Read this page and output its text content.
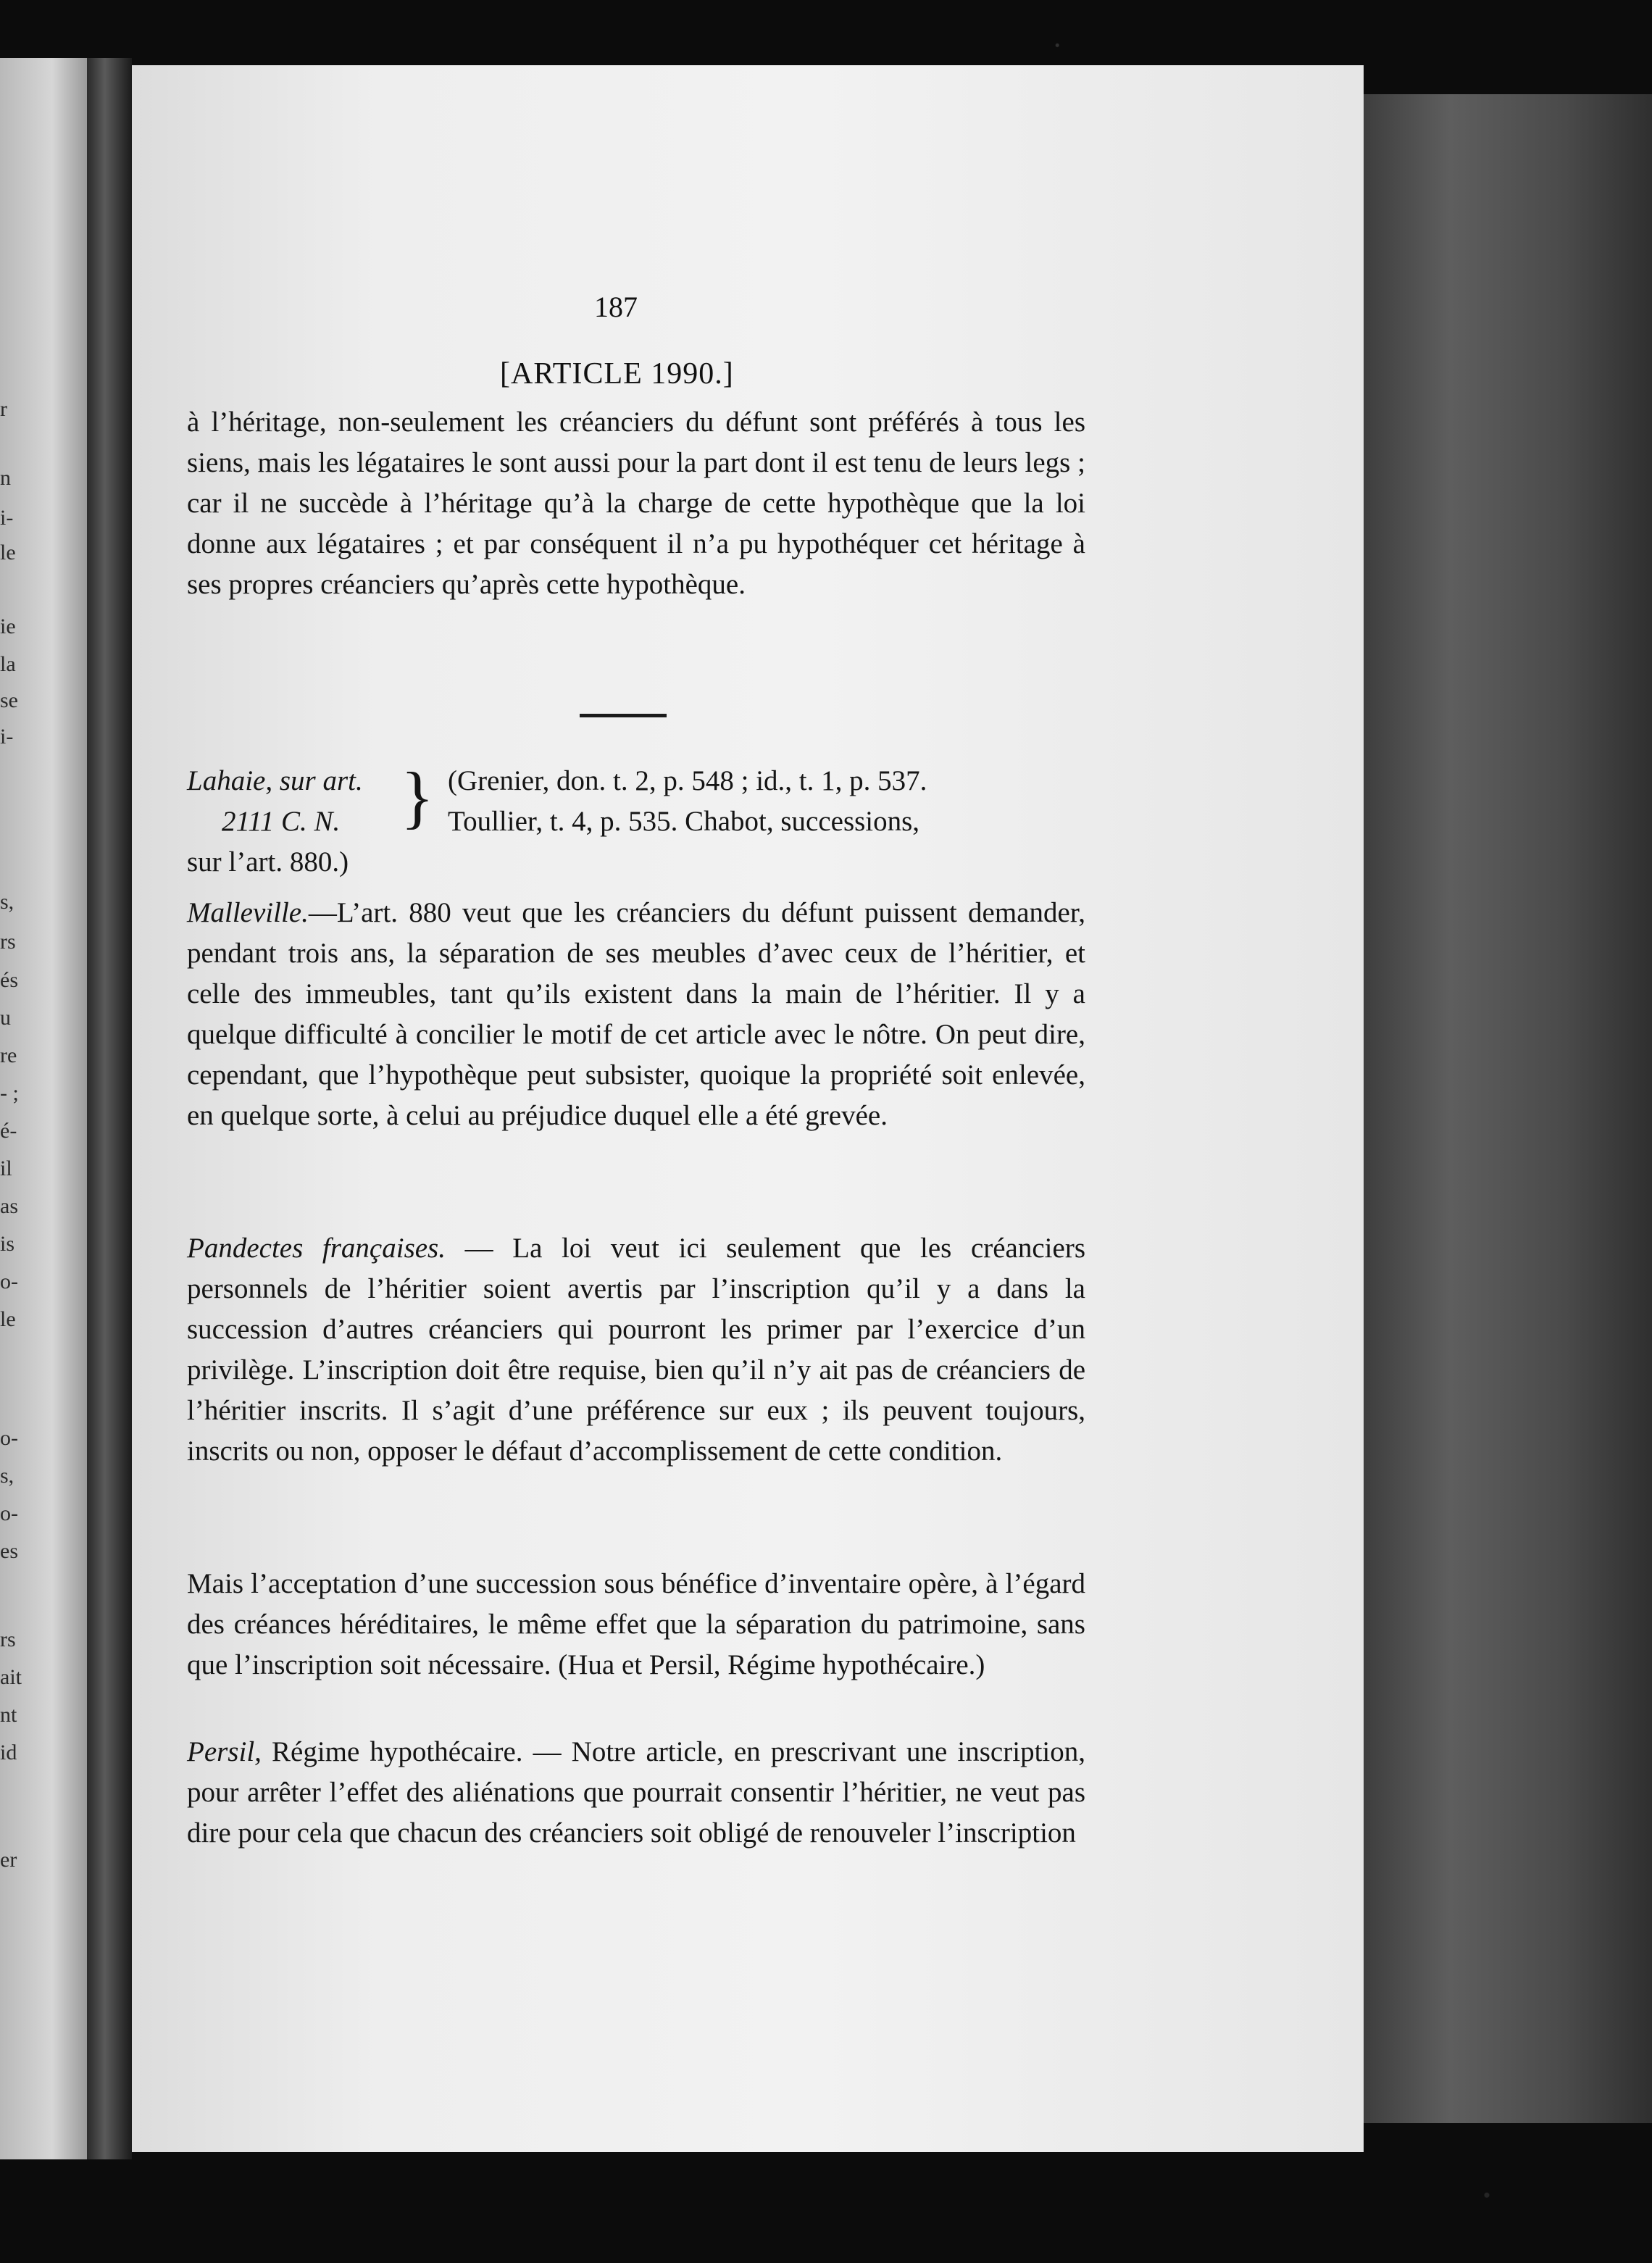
r
n
i-
le
ie
la
se
i-
s,
rs
és
u
re
- ;
é-
il
as
is
o-
le
o-
s,
o-
es
rs
ait
nt
id
er
187
[ARTICLE 1990.]

à l’héritage, non-seulement les créanciers du défunt sont préférés à tous les siens, mais les légataires le sont aussi pour la part dont il est tenu de leurs legs ; car il ne succède à l’héritage qu’à la charge de cette hypothèque que la loi donne aux légataires ; et par conséquent il n’a pu hypothéquer cet héritage à ses propres créanciers qu’après cette hypothèque.

Lahaie, sur art.
2111 C. N. } (Grenier, don. t. 2, p. 548 ; id., t. 1, p. 537.
Toullier, t. 4, p. 535. Chabot, successions,
sur l’art. 880.)

Malleville.—L’art. 880 veut que les créanciers du défunt puissent demander, pendant trois ans, la séparation de ses meubles d’avec ceux de l’héritier, et celle des immeubles, tant qu’ils existent dans la main de l’héritier. Il y a quelque difficulté à concilier le motif de cet article avec le nôtre. On peut dire, cependant, que l’hypothèque peut subsister, quoique la propriété soit enlevée, en quelque sorte, à celui au préjudice duquel elle a été grevée.

Pandectes françaises. — La loi veut ici seulement que les créanciers personnels de l’héritier soient avertis par l’inscription qu’il y a dans la succession d’autres créanciers qui pourront les primer par l’exercice d’un privilège. L’inscription doit être requise, bien qu’il n’y ait pas de créanciers de l’héritier inscrits. Il s’agit d’une préférence sur eux ; ils peuvent toujours, inscrits ou non, opposer le défaut d’accomplissement de cette condition.

Mais l’acceptation d’une succession sous bénéfice d’inventaire opère, à l’égard des créances héréditaires, le même effet que la séparation du patrimoine, sans que l’inscription soit nécessaire. (Hua et Persil, Régime hypothécaire.)

Persil, Régime hypothécaire. — Notre article, en prescrivant une inscription, pour arrêter l’effet des aliénations que pourrait consentir l’héritier, ne veut pas dire pour cela que chacun des créanciers soit obligé de renouveler l’inscription
